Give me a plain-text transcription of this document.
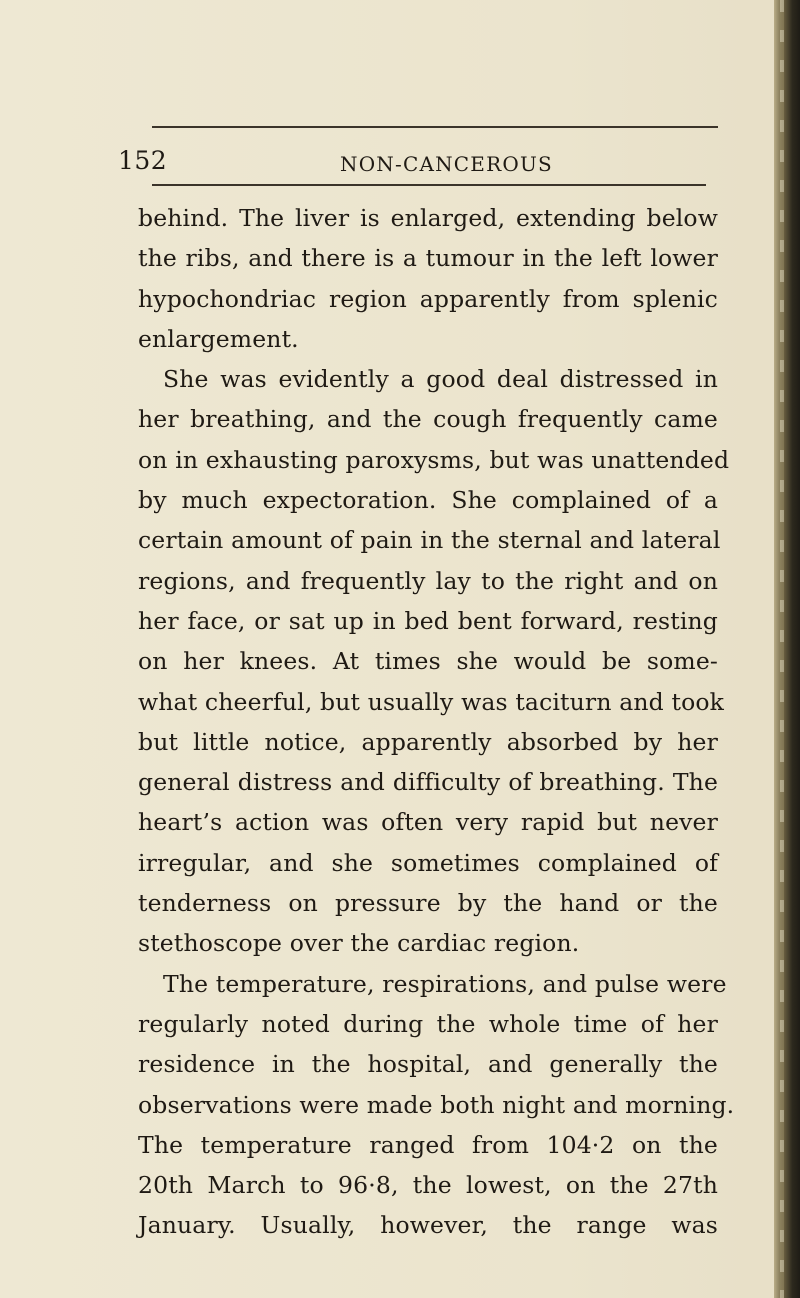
152	NON-CANCEROUS
behind. The liver is enlarged, extending below
the ribs, and there is a tumour in the left lower
hypochondriac region apparently from splenic
enlargement.
She was evidently a good deal distressed in
her breathing, and the cough frequently came
on in exhausting paroxysms, but was unattended
by much expectoration. She complained of a
certain amount of pain in the sternal and lateral
regions, and frequently lay to the right and on
her face, or sat up in bed bent forward, resting
on her knees. At times she would be some-
what cheerful, but usually was taciturn and took
but little notice, apparently absorbed by her
general distress and difficulty of breathing. The
heart’s action was often very rapid but never
irregular, and she sometimes complained of
tenderness on pressure by the hand or the
stethoscope over the cardiac region.
The temperature, respirations, and pulse were
regularly noted during the whole time of her
residence in the hospital, and generally the
observations were made both night and morning.
The temperature ranged from 104·2 on the
20th March to 96·8, the lowest, on the 27th
January. Usually, however, the range was
